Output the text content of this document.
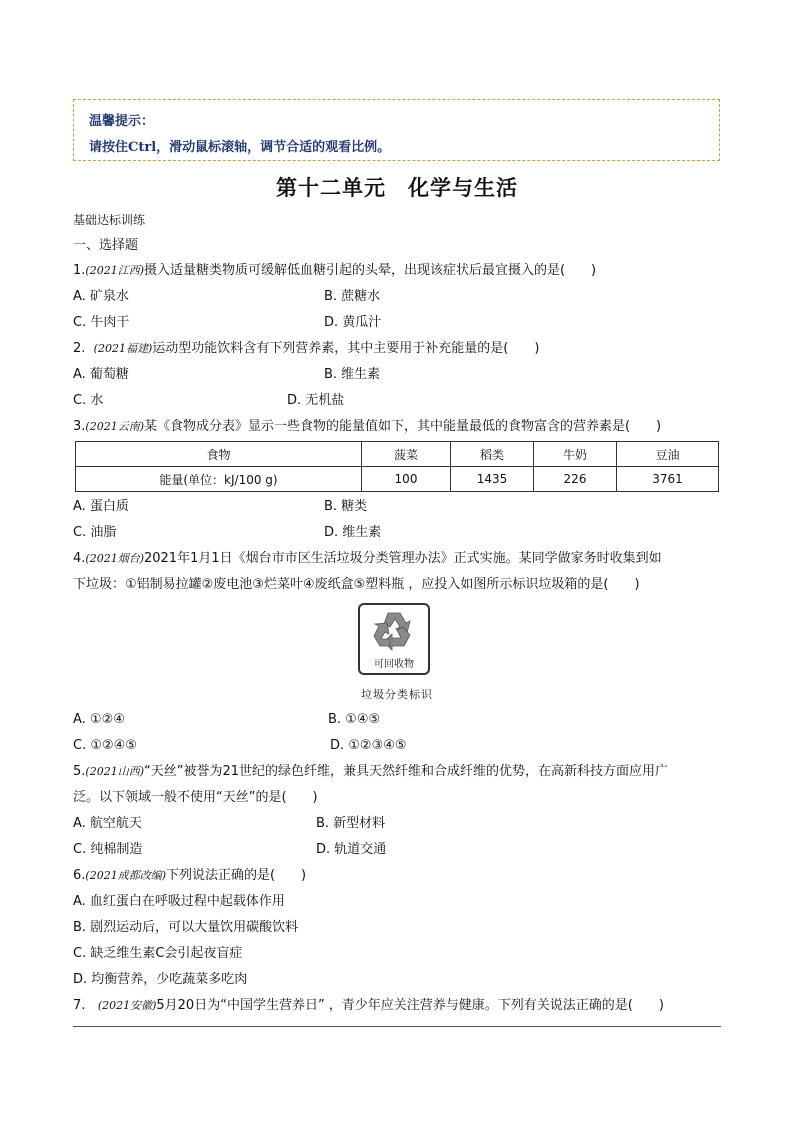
温馨提示：
请按住Ctrl，滑动鼠标滚轴，调节合适的观看比例。
第十二单元　化学与生活
基础达标训练
一、选择题
1.(2021江西)摄入适量糖类物质可缓解低血糖引起的头晕，出现该症状后最宜摄入的是(　　)
A. 矿泉水	B. 蔗糖水
C. 牛肉干	D. 黄瓜汁
2. (2021福建)运动型功能饮料含有下列营养素，其中主要用于补充能量的是(　　)
A. 葡萄糖	B. 维生素
C. 水	D. 无机盐
3.(2021云南)某《食物成分表》显示一些食物的能量值如下，其中能量最低的食物富含的营养素是(　　)
食物	菠菜	稻类	牛奶	豆油
能量(单位：kJ/100 g)	100	1435	226	3761
A. 蛋白质	B. 糖类
C. 油脂	D. 维生素
4.(2021烟台)2021年1月1日《烟台市市区生活垃圾分类管理办法》正式实施。某同学做家务时收集到如
下垃圾：①铝制易拉罐②废电池③烂菜叶④废纸盒⑤塑料瓶 ，应投入如图所示标识垃圾箱的是(　　)
可回收物
垃圾分类标识
A. ①②④	B. ①④⑤
C. ①②④⑤	D. ①②③④⑤
5.(2021山西)“天丝”被誉为21世纪的绿色纤维，兼具天然纤维和合成纤维的优势，在高新科技方面应用广
泛。以下领域一般不使用“天丝”的是(　　)
A. 航空航天	B. 新型材料
C. 纯棉制造	D. 轨道交通
6.(2021成都改编)下列说法正确的是(　　)
A. 血红蛋白在呼吸过程中起载体作用
B. 剧烈运动后，可以大量饮用碳酸饮料
C. 缺乏维生素C会引起夜盲症
D. 均衡营养，少吃蔬菜多吃肉
7. (2021安徽)5月20日为“中国学生营养日” ，青少年应关注营养与健康。下列有关说法正确的是(　　)
